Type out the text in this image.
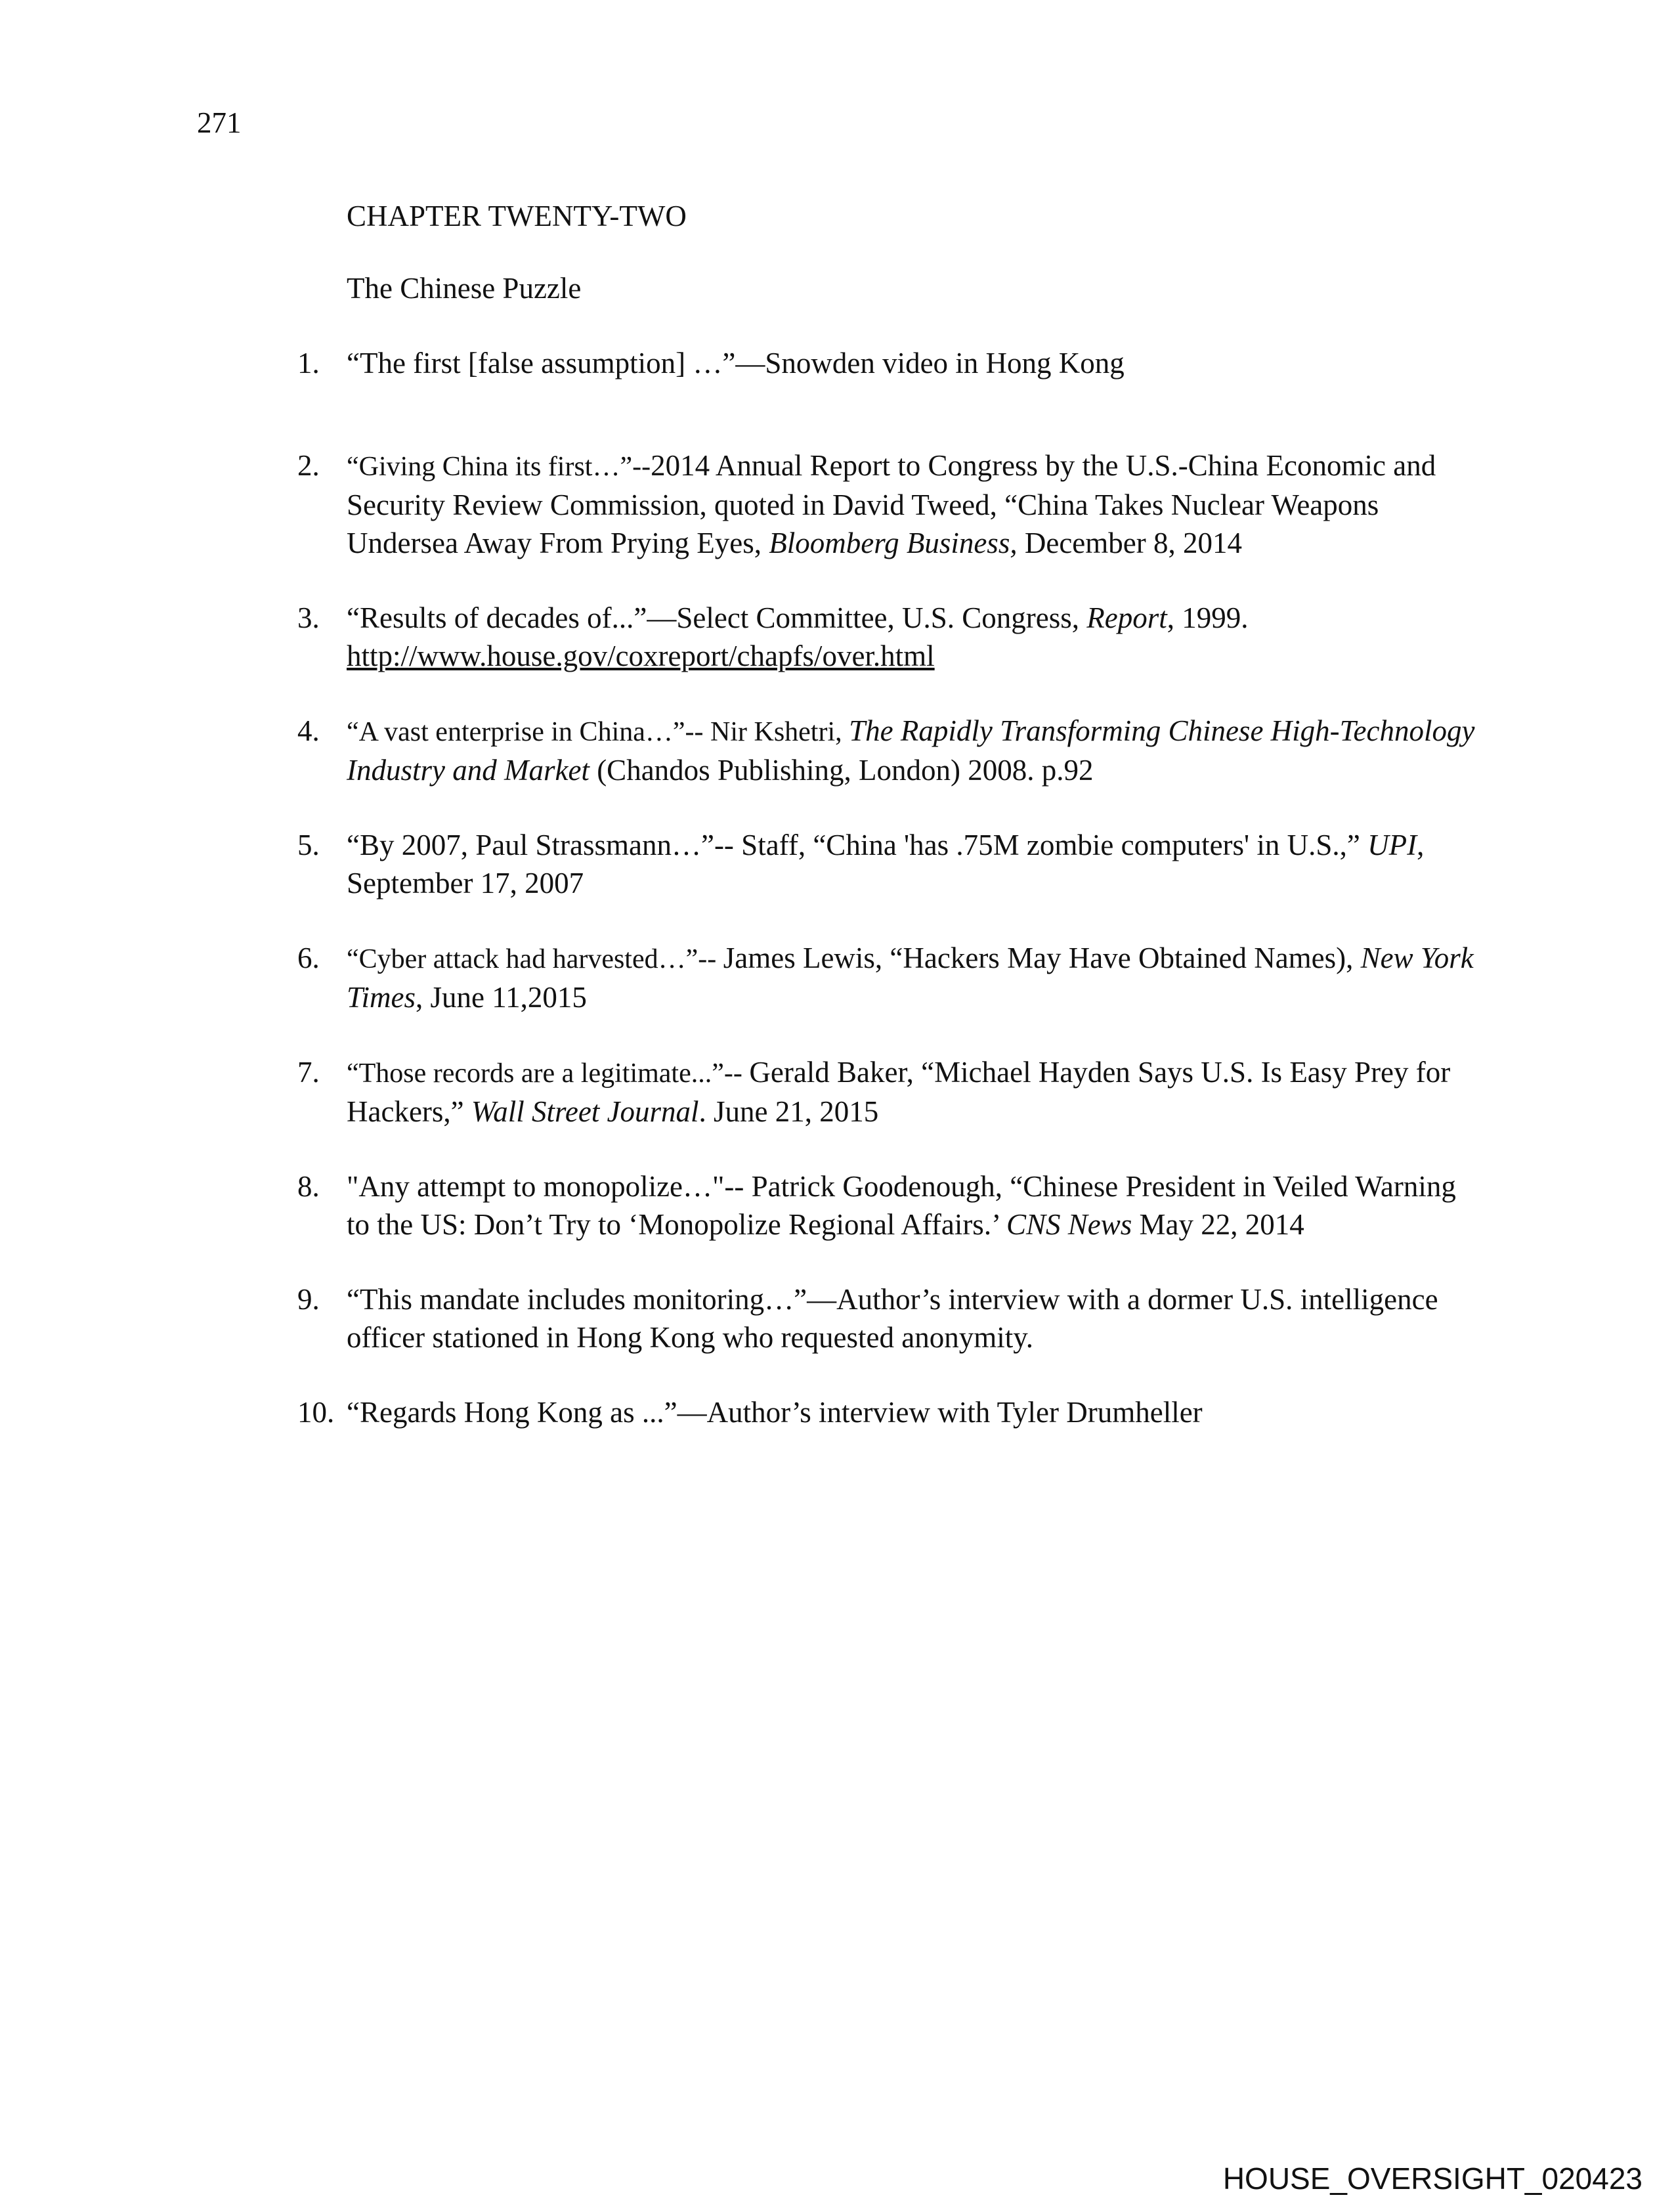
271
CHAPTER TWENTY-TWO
The Chinese Puzzle
1. “The first [false assumption] …”—Snowden video in Hong Kong
2. “Giving China its first…”--2014 Annual Report to Congress by the U.S.-China Economic and Security Review Commission, quoted in David Tweed, “China Takes Nuclear Weapons Undersea Away From Prying Eyes, Bloomberg Business, December 8, 2014
3. “Results of decades of...”—Select Committee, U.S. Congress, Report, 1999. http://www.house.gov/coxreport/chapfs/over.html
4. “A vast enterprise in China…”-- Nir Kshetri, The Rapidly Transforming Chinese High-Technology Industry and Market (Chandos Publishing, London) 2008. p.92
5. “By 2007, Paul Strassmann…”-- Staff, “China 'has .75M zombie computers' in U.S.,” UPI, September 17, 2007
6. “Cyber attack had harvested…”-- James Lewis, “Hackers May Have Obtained Names), New York Times, June 11,2015
7. “Those records are a legitimate...”-- Gerald Baker, “Michael Hayden Says U.S. Is Easy Prey for Hackers,” Wall Street Journal. June 21, 2015
8. "Any attempt to monopolize…"-- Patrick Goodenough, “Chinese President in Veiled Warning to the US: Don’t Try to ‘Monopolize Regional Affairs.’ CNS News May 22, 2014
9. “This mandate includes monitoring…”—Author’s interview with a dormer U.S. intelligence officer stationed in Hong Kong who requested anonymity.
10. “Regards Hong Kong as ...”—Author’s interview with Tyler Drumheller
HOUSE_OVERSIGHT_020423
